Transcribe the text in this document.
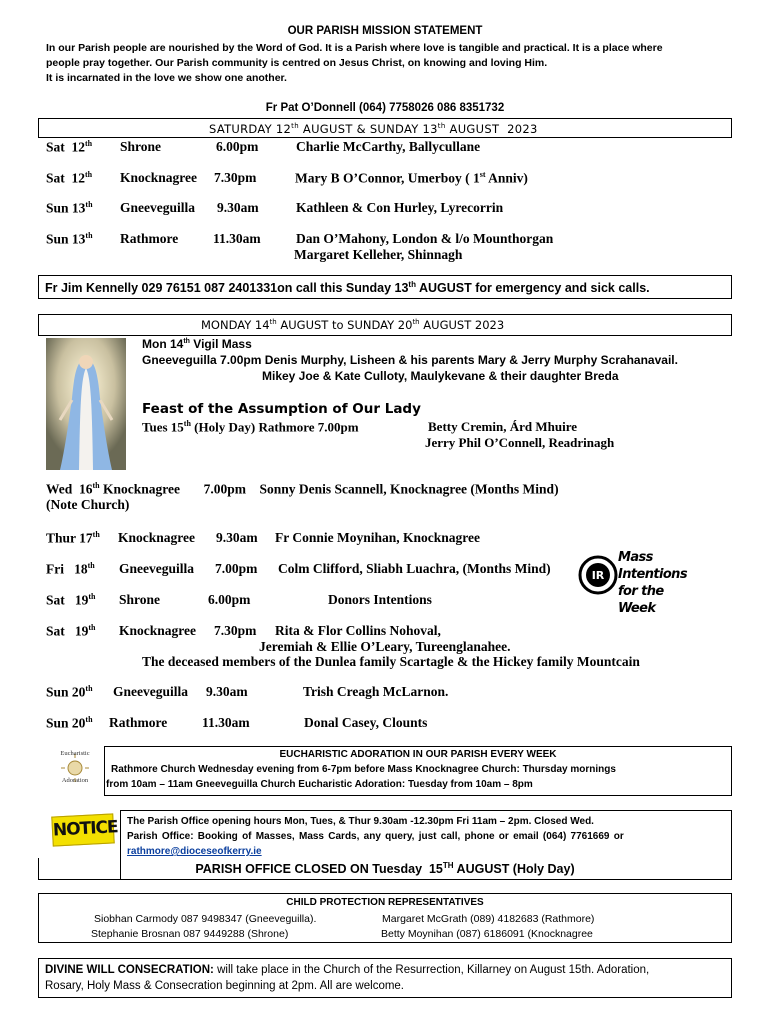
OUR PARISH MISSION STATEMENT
In our Parish people are nourished by the Word of God. It is a Parish where love is tangible and practical. It is a place where
people pray together. Our Parish community is centred on Jesus Christ, on knowing and loving Him.
It is incarnated in the love we show one another.
Fr Pat O’Donnell (064) 7758026 086 8351732
SATURDAY 12th AUGUST & SUNDAY 13th AUGUST  2023
Sat  12th Shrone	6.00pm	Charlie McCarthy, Ballycullane
Sat  12th Knocknagree 7.30pm	Mary B O’Connor, Umerboy ( 1st Anniv)
Sun 13th Gneeveguilla 9.30am	Kathleen & Con Hurley, Lyrecorrin
Sun 13th Rathmore	11.30am	Dan O’Mahony, London & l/o Mounthorgan
Margaret Kelleher, Shinnagh
Fr Jim Kennelly 029 76151 087 2401331on call this Sunday 13th AUGUST for emergency and sick calls.
MONDAY 14th AUGUST to SUNDAY 20th AUGUST 2023
Mon 14th Vigil Mass
Gneeveguilla 7.00pm Denis Murphy, Lisheen & his parents Mary & Jerry Murphy Scrahanavail.
Mikey Joe & Kate Culloty, Maulykevane & their daughter Breda
Feast of the Assumption of Our Lady
Tues 15th (Holy Day) Rathmore 7.00pm	Betty Cremin, Árd Mhuire
Jerry Phil O’Connell, Readrinagh
Wed  16th Knocknagree       7.00pm    Sonny Denis Scannell, Knocknagree (Months Mind)
(Note Church)
Thur 17th Knocknagree 9.30am Fr Connie Moynihan, Knocknagree
Fri   18th Gneeveguilla 7.00pm Colm Clifford, Sliabh Luachra, (Months Mind)	IR
Mass Intentions for the Week
Sat   19th Shrone	6.00pm	Donors Intentions
Sat   19th Knocknagree 7.30pm Rita & Flor Collins Nohoval,
Jeremiah & Ellie O’Leary, Tureenglanahee.
The deceased members of the Dunlea family Scartagle & the Hickey family Mountcain
Sun 20th Gneeveguilla 9.30am	Trish Creagh McLarnon.
Sun 20th Rathmore	11.30am	Donal Casey, Clounts
Eucharistic
Adoration
EUCHARISTIC ADORATION IN OUR PARISH EVERY WEEK
Rathmore Church Wednesday evening from 6-7pm before Mass Knocknagree Church: Thursday mornings
from 10am – 11am Gneeveguilla Church Eucharistic Adoration: Tuesday from 10am – 8pm
NOTICE The Parish Office opening hours Mon, Tues, & Thur 9.30am -12.30pm Fri 11am – 2pm. Closed Wed.
Parish Office: Booking of Masses, Mass Cards, any query, just call, phone or email (064) 7761669 or
rathmore@dioceseofkerry.ie
PARISH OFFICE CLOSED ON Tuesday  15TH AUGUST (Holy Day)
CHILD PROTECTION REPRESENTATIVES
Siobhan Carmody 087 9498347 (Gneeveguilla).
Stephanie Brosnan 087 9449288 (Shrone)
Margaret McGrath (089) 4182683 (Rathmore)
Betty Moynihan (087) 6186091 (Knocknagree
DIVINE WILL CONSECRATION: will take place in the Church of the Resurrection, Killarney on August 15th. Adoration,
Rosary, Holy Mass & Consecration beginning at 2pm. All are welcome.
